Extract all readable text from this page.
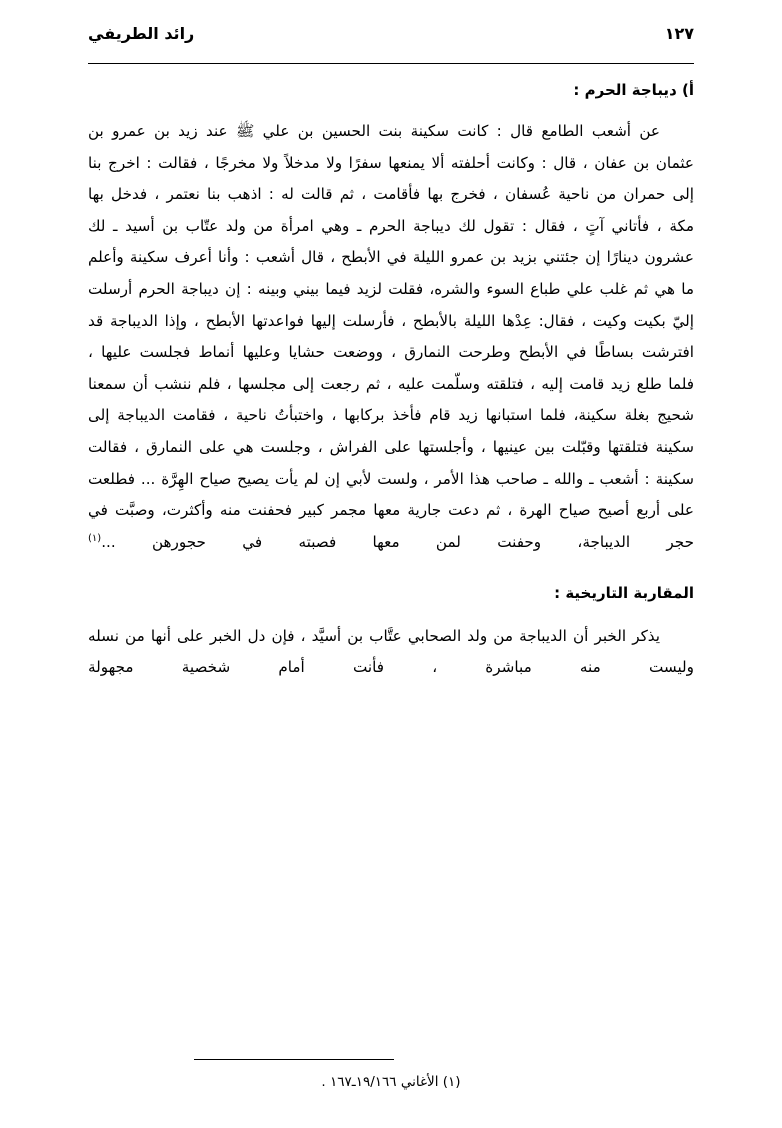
رائد الطريفي	١٢٧
أ) ديباجة الحرم :

عن أشعب الطامع قال : كانت سكينة بنت الحسين بن علي ﷺ عند زيد بن عمرو بن عثمان بن عفان ، قال : وكانت أحلفته ألا يمنعها سفرًا ولا مدخلاً ولا مخرجًا ، فقالت : اخرج بنا إلى حمران من ناحية عُسفان ، فخرج بها فأقامت ، ثم قالت له : اذهب بنا نعتمر ، فدخل بها مكة ، فأتاني آتٍ ، فقال : تقول لك ديباجة الحرم ـ وهي امرأة من ولد عتّاب بن أسيد ـ لك عشرون دينارًا إن جئتني بزيد بن عمرو الليلة في الأبطح ، قال أشعب : وأنا أعرف سكينة وأعلم ما هي ثم غلب علي طباع السوء والشره، فقلت لزيد فيما بيني وبينه : إن ديباجة الحرم أرسلت إليّ بكيت وكيت ، فقال: عِدْها الليلة بالأبطح ، فأرسلت إليها فواعدتها الأبطح ، وإذا الديباجة قد افترشت بساطًا في الأبطح وطرحت النمارق ، ووضعت حشايا وعليها أنماط فجلست عليها ، فلما طلع زيد قامت إليه ، فتلقته وسلّمت عليه ، ثم رجعت إلى مجلسها ، فلم ننشب أن سمعنا شحيج بغلة سكينة، فلما استبانها زيد قام فأخذ بركابها ، واختبأتُ ناحية ، فقامت الديباجة إلى سكينة فتلقتها وقبّلت بين عينيها ، وأجلستها على الفراش ، وجلست هي على النمارق ، فقالت سكينة : أشعب ـ والله ـ صاحب هذا الأمر ، ولست لأبي إن لم يأت يصيح صياح الهِرَّة ... فطلعت على أربع أصيح صياح الهرة ، ثم دعت جارية معها مجمر كبير فحفنت منه وأكثرت، وصبَّت في حجر الديباجة، وحفنت لمن معها فصبته في حجورهن ...$^{(١)}$

المقاربة التاريخية :

يذكر الخبر أن الديباجة من ولد الصحابي عتَّاب بن أسيَّد ، فإن دل الخبر على أنها من نسله وليست منه مباشرة ، فأنت أمام شخصية مجهولة

(١) الأغاني ١٩/١٦٦ـ١٦٧ .
